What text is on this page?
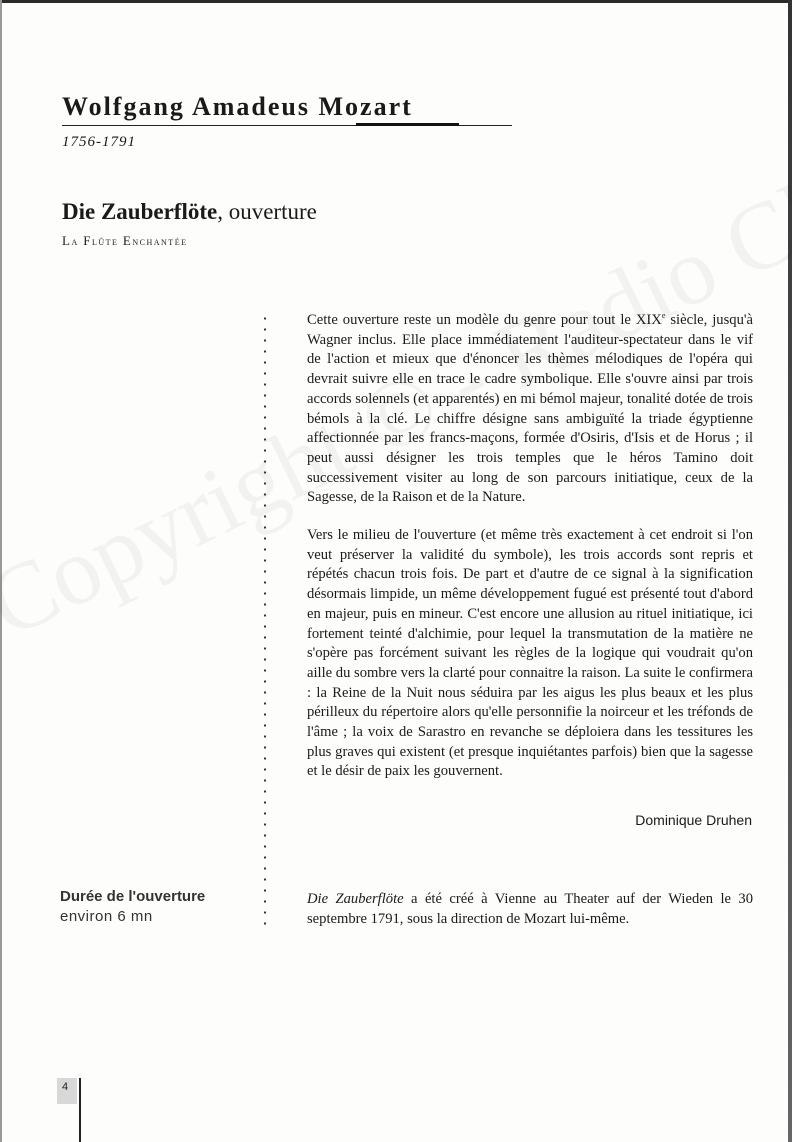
Wolfgang Amadeus Mozart

1756-1791

Die Zauberflöte, ouverture

La Flûte Enchantée

Cette ouverture reste un modèle du genre pour tout le XIXe siècle, jusqu'à Wagner inclus. Elle place immédiatement l'auditeur-spectateur dans le vif de l'action et mieux que d'énoncer les thèmes mélodiques de l'opéra qui devrait suivre elle en trace le cadre symbolique. Elle s'ouvre ainsi par trois accords solennels (et apparentés) en mi bémol majeur, tonalité dotée de trois bémols à la clé. Le chiffre désigne sans ambiguïté la triade égyptienne affectionnée par les francs-maçons, formée d'Osiris, d'Isis et de Horus ; il peut aussi désigner les trois temples que le héros Tamino doit successivement visiter au long de son parcours initiatique, ceux de la Sagesse, de la Raison et de la Nature.

Vers le milieu de l'ouverture (et même très exactement à cet endroit si l'on veut préserver la validité du symbole), les trois accords sont repris et répétés chacun trois fois. De part et d'autre de ce signal à la signification désormais limpide, un même développement fugué est présenté tout d'abord en majeur, puis en mineur. C'est encore une allusion au rituel initiatique, ici fortement teinté d'alchimie, pour lequel la transmutation de la matière ne s'opère pas forcément suivant les règles de la logique qui voudrait qu'on aille du sombre vers la clarté pour connaitre la raison. La suite le confirmera : la Reine de la Nuit nous séduira par les aigus les plus beaux et les plus périlleux du répertoire alors qu'elle personnifie la noirceur et les tréfonds de l'âme ; la voix de Sarastro en revanche se déploiera dans les tessitures les plus graves qui existent (et presque inquiétantes parfois) bien que la sagesse et le désir de paix les gouvernent.

Dominique Druhen

Durée de l'ouverture

environ 6 mn

Die Zauberflöte a été créé à Vienne au Theater auf der Wieden le 30 septembre 1791, sous la direction de Mozart lui-même.

4
